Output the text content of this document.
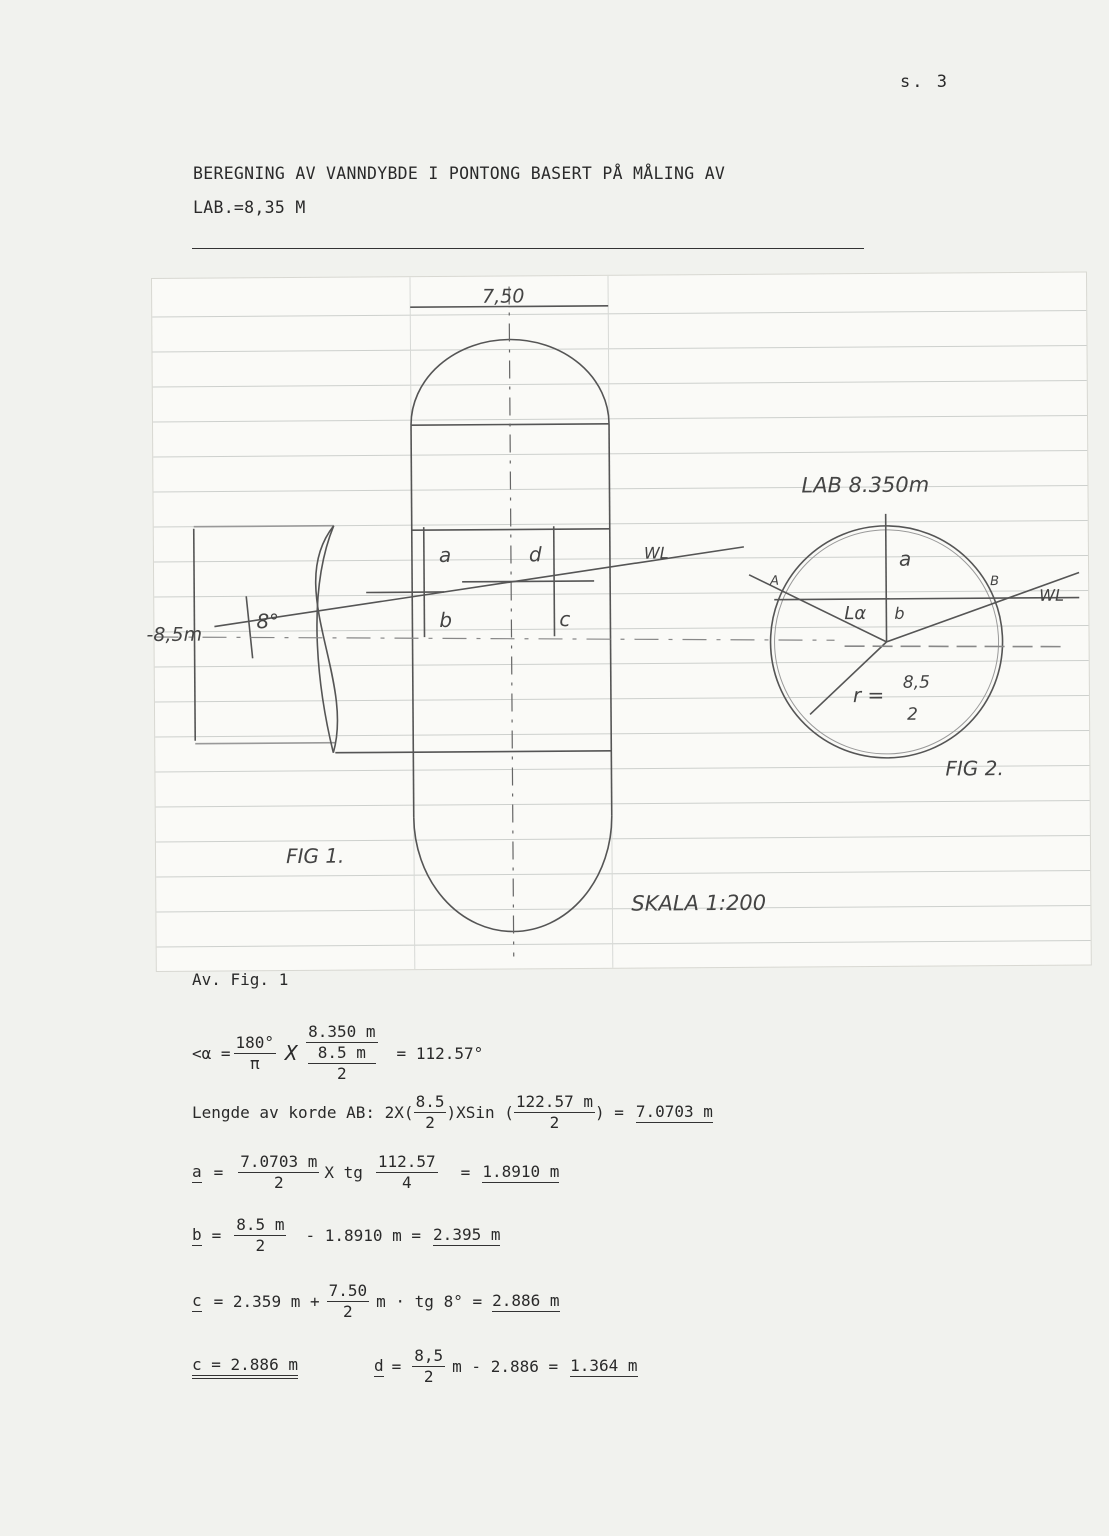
s. 3
BEREGNING AV VANNDYBDE I PONTONG BASERT PÅ MÅLING AV
LAB.=8,35 M
7,50
-8,5m
8°
a
b	c
d	WL
FIG 1.
LAB 8.350m
a
b
A	B
WL
Lα
r =
8,5
2
FIG 2.
SKALA 1:200
Av. Fig. 1
$<\alpha = \frac{180^\circ}{\pi}$ X 8.350 m
8.5 m
2 = 112.57°
Lengde av korde AB: $2X( \frac{8.5}{2}$ )XSin ( $\frac{122.57 m}{2}$ ) = 7.0703 m
$a = \frac{7.0703 m}{2}$ X tg $\frac{112.57}{4} = 1.8910$ m
$b = \frac{8.5 m}{2} - 1.8910$ m = 2.395 m
c = 2.359 $m + \frac{7.50}{2}$ m · tg 8° = 2.886 m
c = 2.886 m	$d = \frac{8,5}{2}$ m - 2.886 = 1.364 m
